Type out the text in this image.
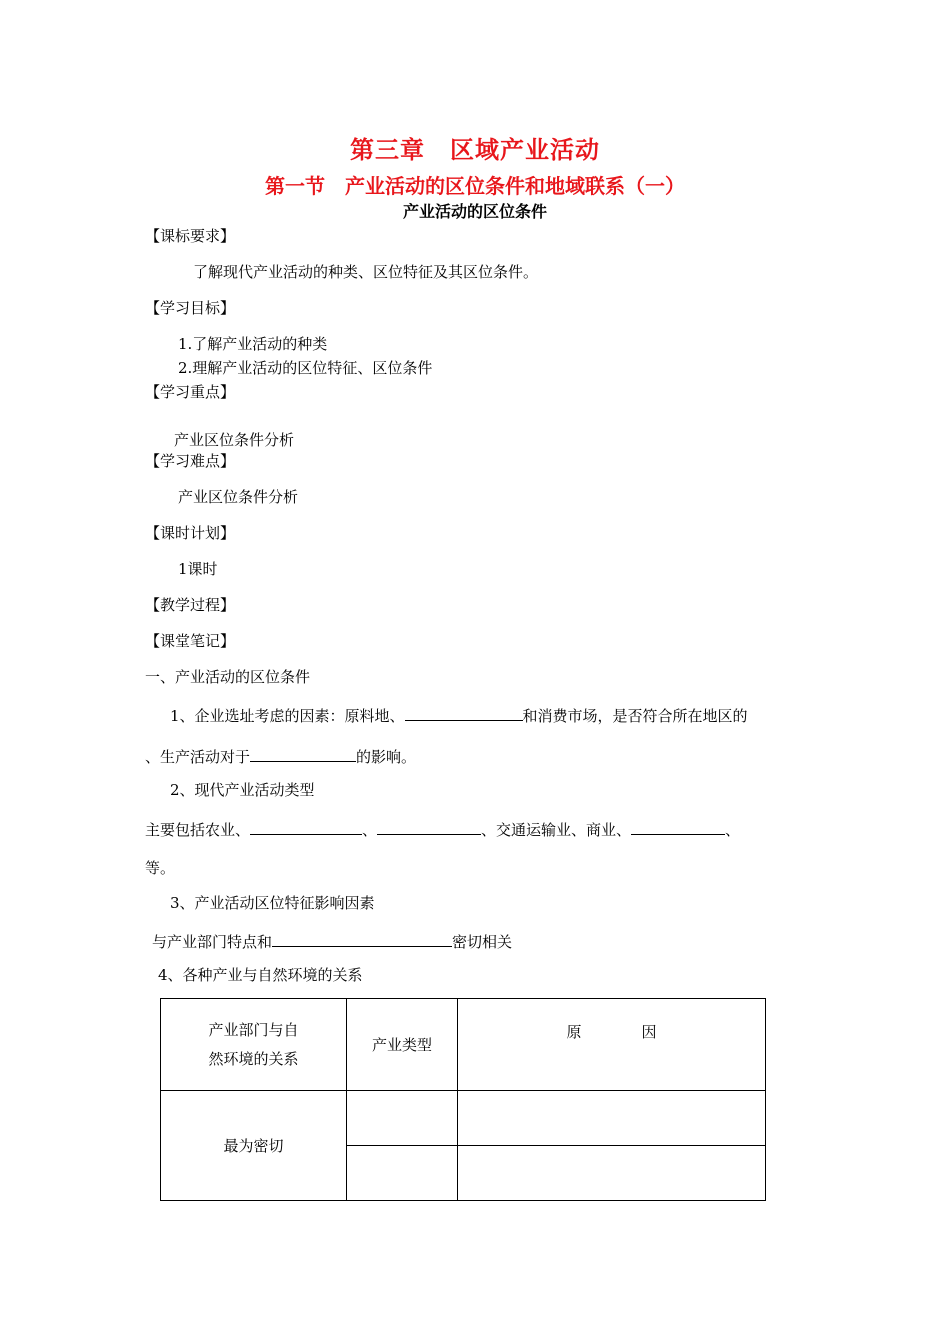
第三章　区域产业活动
第一节　产业活动的区位条件和地域联系（一）
产业活动的区位条件
【课标要求】
了解现代产业活动的种类、区位特征及其区位条件。
【学习目标】
1.了解产业活动的种类
2.理解产业活动的区位特征、区位条件
【学习重点】
产业区位条件分析
【学习难点】
产业区位条件分析
【课时计划】
1课时
【教学过程】
【课堂笔记】
一、产业活动的区位条件
1、企业选址考虑的因素：原料地、	和消费市场，是否符合所在地区的
、生产活动对于	的影响。
2、现代产业活动类型
主要包括农业、	、	、交通运输业、商业、	、
等。
3、产业活动区位特征影响因素
与产业部门特点和	密切相关
4、各种产业与自然环境的关系
产业部门与自
然环境的关系	产业类型	原　　　　因
最为密切		
